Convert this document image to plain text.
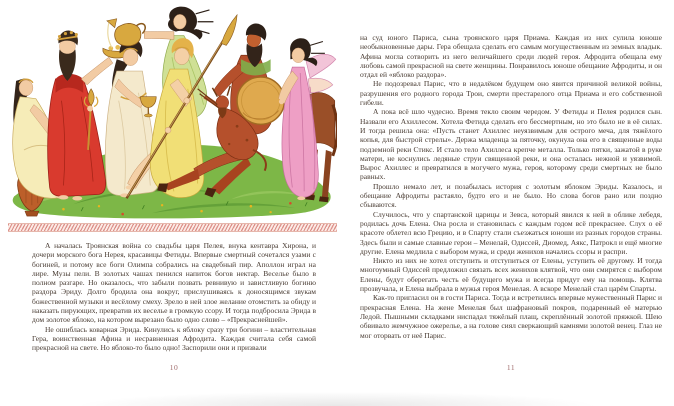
А началась Троянская война со свадьбы царя Пелея, внука кентавра Хирона, и дочери морского бога Нерея, красавицы Фетиды. Впервые смертный сочетался узами с богиней, и потому все боги Олимпа собрались на свадебный пир. Аполлон играл на лире. Музы пели. В золотых чашах пенился напиток богов нектар. Веселье было в полном разгаре. Но оказалось, что забыли позвать ревнивую и завистливую богиню раздора Эриду. Долго бродила она вокруг, прислушиваясь к доносящимся звукам божественной музыки и весёлому смеху. Зрело в ней злое желание отомстить за обиду и наказать пирующих, превратив их веселье в громкую ссору. И тогда подбросила Эрида в дом золотое яблоко, на котором вырезано было одно слово – «Прекраснейшей».

Не ошиблась коварная Эрида. Кинулись к яблоку сразу три богини – властительная Гера, воинственная Афина и несравненная Афродита. Каждая считала себя самой прекрасной на свете. Но яблоко-то было одно! Заспорили они и призвали

10

на суд юного Париса, сына троянского царя Приама. Каждая из них сулила юноше необыкновенные дары. Гера обещала сделать его самым могущественным из земных владык. Афина могла сотворить из него величайшего среди людей героя. Афродита обещала ему любовь самой прекрасной на свете женщины. Понравилось юноше обещание Афродиты, и он отдал ей «яблоко раздора».

Не подозревал Парис, что в недалёком будущем оно явится причиной великой войны, разрушения его родного города Трои, смерти престарелого отца Приама и его собственной гибели.

А пока всё шло чудесно. Время текло своим чередом. У Фетиды и Пелея родился сын. Назвали его Ахиллесом. Хотела Фетида сделать его бессмертным, но это было не в её силах. И тогда решила она: «Пусть станет Ахиллес неуязвимым для острого меча, для тяжёлого копья, для быстрой стрелы». Держа младенца за пяточку, окунула она его в священные воды подземной реки Стикс. И стало тело Ахиллеса крепче металла. Только пятки, зажатой в руке матери, не коснулись ледяные струи священной реки, и она осталась нежной и уязвимой. Вырос Ахиллес и превратился в могучего мужа, героя, которому среди смертных не было равных.

Прошло немало лет, и позабылась история с золотым яблоком Эриды. Казалось, и обещание Афродиты растаяло, будто его и не было. Но слова богов рано или поздно сбываются.

Случилось, что у спартанской царицы и Зевса, который явился к ней в облике лебедя, родилась дочь Елена. Она росла и становилась с каждым годом всё прекраснее. Слух о её красоте облетел всю Грецию, и в Спарту стали съезжаться юноши из разных городов страны. Здесь были и самые славные герои – Менелай, Одиссей, Диомед, Аякс, Патрокл и ещё многие другие. Елена медлила с выбором мужа, и среди женихов начались ссоры и распри.

Никто из них не хотел отступить и отступиться от Елены, уступить её другому. И тогда многоумный Одиссей предложил связать всех женихов клятвой, что они смирятся с выбором Елены, будут оберегать честь её будущего мужа и всегда придут ему на помощь. Клятва прозвучала, и Елена выбрала в мужья героя Менелая. А вскоре Менелай стал царём Спарты.

Как-то пригласил он в гости Париса. Тогда и встретились впервые мужественный Парис и прекрасная Елена. На жене Менелая был шафрановый покров, подаренный её матерью Ледой. Пышными складками ниспадал тяжёлый плащ, скреплённый золотой пряжкой. Шею обвивало жемчужное ожерелье, а на голове сиял сверкающий камнями золотой венец. Глаз не мог оторвать от неё Парис.

11
